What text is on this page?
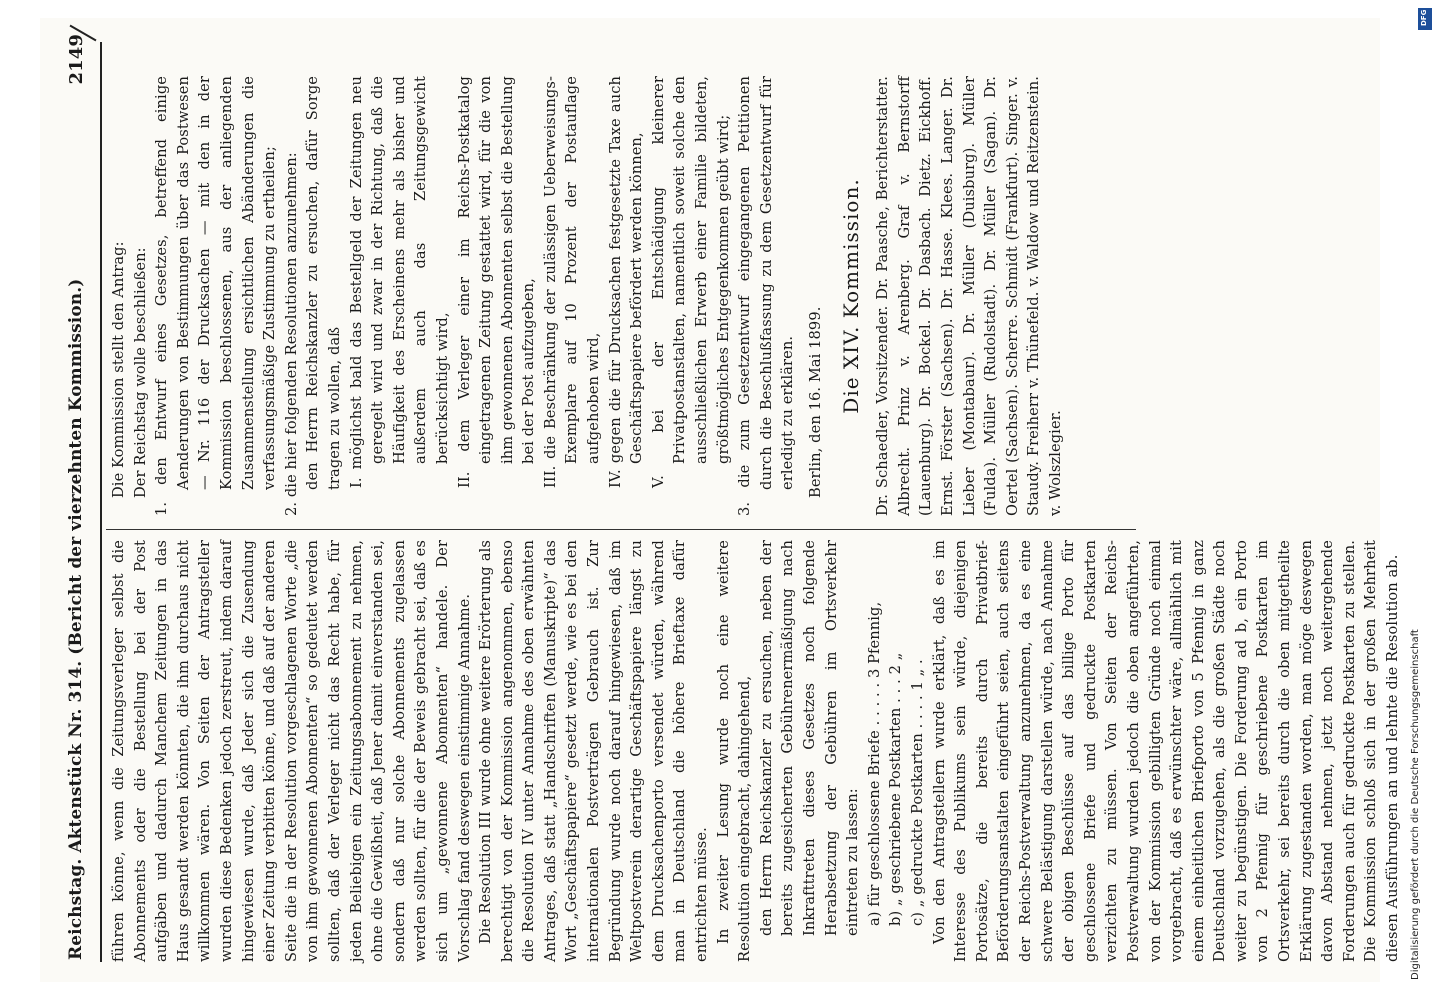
Reichstag. Aktenstück Nr. 314. (Bericht der vierzehnten Kommission.)
2149

führen könne, wenn die Zeitungsverleger selbst die Abonnements oder die Bestellung bei der Post aufgäben und dadurch Manchem Zeitungen in das Haus gesandt werden könnten, die ihm durchaus nicht willkommen wären. Von Seiten der Antragsteller wurden diese Bedenken jedoch zerstreut, indem darauf hingewiesen wurde, daß Jeder sich die Zusendung einer Zeitung verbitten könne, und daß auf der anderen Seite die in der Resolution vorgeschlagenen Worte „die von ihm gewonnenen Abonnenten“ so gedeutet werden sollten, daß der Verleger nicht das Recht habe, für jeden Beliebigen ein Zeitungsabonnement zu nehmen, ohne die Gewißheit, daß Jener damit einverstanden sei, sondern daß nur solche Abonnements zugelassen werden sollten, für die der Beweis gebracht sei, daß es sich um „gewonnene Abonnenten“ handele. Der Vorschlag fand deswegen einstimmige Annahme. Die Resolution III wurde ohne weitere Erörterung als berechtigt von der Kommission angenommen, ebenso die Resolution IV unter Annahme des oben erwähnten Antrages, daß statt „Handschriften (Manuskripte)“ das Wort „Geschäftspapiere“ gesetzt werde, wie es bei den internationalen Postverträgen Gebrauch ist. Zur Begründung wurde noch darauf hingewiesen, daß im Weltpostverein derartige Geschäftspapiere längst zu dem Drucksachenporto versendet würden, während man in Deutschland die höhere Brieftaxe dafür entrichten müsse. In zweiter Lesung wurde noch eine weitere Resolution eingebracht, dahingehend, den Herrn Reichskanzler zu ersuchen, neben der bereits zugesicherten Gebührenermäßigung nach Inkrafttreten dieses Gesetzes noch folgende Herabsetzung der Gebühren im Ortsverkehr eintreten zu lassen: a) für geschlossene Briefe . . . . . 3 Pfennig, b) „ geschriebene Postkarten . . . 2 „ c) „ gedruckte Postkarten . . . . 1 „ . Von den Antragstellern wurde erklärt, daß es im Interesse des Publikums sein würde, diejenigen Portosätze, die bereits durch Privatbrief-Beförderungsanstalten eingeführt seien, auch seitens der Reichs-Postverwaltung anzunehmen, da es eine schwere Belästigung darstellen würde, nach Annahme der obigen Beschlüsse auf das billige Porto für geschlossene Briefe und gedruckte Postkarten verzichten zu müssen. Von Seiten der Reichs-Postverwaltung wurden jedoch die oben angeführten, von der Kommission gebilligten Gründe noch einmal vorgebracht, daß es erwünschter wäre, allmählich mit einem einheitlichen Briefporto von 5 Pfennig in ganz Deutschland vorzugehen, als die großen Städte noch weiter zu begünstigen. Die Forderung ad b, ein Porto von 2 Pfennig für geschriebene Postkarten im Ortsverkehr, sei bereits durch die oben mitgetheilte Erklärung zugestanden worden, man möge deswegen davon Abstand nehmen, jetzt noch weitergehende Forderungen auch für gedruckte Postkarten zu stellen. Die Kommission schloß sich in der großen Mehrheit diesen Ausführungen an und lehnte die Resolution ab.

Die Kommission stellt den Antrag: Der Reichstag wolle beschließen: 1. den Entwurf eines Gesetzes, betreffend einige Aenderungen von Bestimmungen über das Postwesen — Nr. 116 der Drucksachen — mit den in der Kommission beschlossenen, aus der anliegenden Zusammenstellung ersichtlichen Abänderungen die verfassungsmäßige Zustimmung zu ertheilen; 2. die hier folgenden Resolutionen anzunehmen: den Herrn Reichskanzler zu ersuchen, dafür Sorge tragen zu wollen, daß I. möglichst bald das Bestellgeld der Zeitungen neu geregelt wird und zwar in der Richtung, daß die Häufigkeit des Erscheinens mehr als bisher und außerdem auch das Zeitungsgewicht berücksichtigt wird, II. dem Verleger einer im Reichs-Postkatalog eingetragenen Zeitung gestattet wird, für die von ihm gewonnenen Abonnenten selbst die Bestellung bei der Post aufzugeben, III. die Beschränkung der zulässigen Ueberweisungs-Exemplare auf 10 Prozent der Postauflage aufgehoben wird, IV. gegen die für Drucksachen festgesetzte Taxe auch Geschäftspapiere befördert werden können, V. bei der Entschädigung kleinerer Privatpostanstalten, namentlich soweit solche den ausschließlichen Erwerb einer Familie bildeten, größtmögliches Entgegenkommen geübt wird; 3. die zum Gesetzentwurf eingegangenen Petitionen durch die Beschlußfassung zu dem Gesetzentwurf für erledigt zu erklären. Berlin, den 16. Mai 1899. Die XIV. Kommission. Dr. Schaedler, Vorsitzender. Dr. Paasche, Berichterstatter. Albrecht. Prinz v. Arenberg. Graf v. Bernstorff (Lauenburg). Dr. Bockel. Dr. Dasbach. Dietz. Eickhoff. Ernst. Förster (Sachsen). Dr. Hasse. Klees. Langer. Dr. Lieber (Montabaur). Dr. Müller (Duisburg). Müller (Fulda). Müller (Rudolstadt). Dr. Müller (Sagan). Dr. Oertel (Sachsen). Scherre. Schmidt (Frankfurt). Singer. v. Staudy. Freiherr v. Thünefeld. v. Waldow und Reitzenstein. v. Wolszlegier.

DFG
Digitalisierung gefördert durch die Deutsche Forschungsgemeinschaft
